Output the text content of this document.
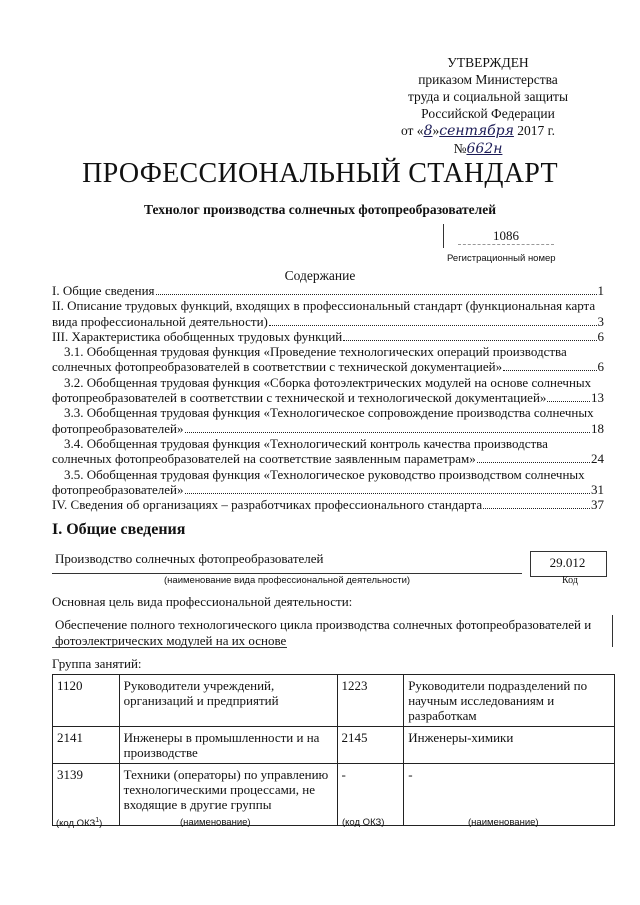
УТВЕРЖДЕН
приказом Министерства
труда и социальной защиты
Российской Федерации
от «8»сентября 2017 г. №662н
ПРОФЕССИОНАЛЬНЫЙ СТАНДАРТ
Технолог производства солнечных фотопреобразователей
1086
Регистрационный номер
Содержание
I. Общие сведения	1
II. Описание трудовых функций, входящих в профессиональный стандарт (функциональная карта
вида профессиональной деятельности)	3
III. Характеристика обобщенных трудовых функций	6
3.1. Обобщенная трудовая функция «Проведение технологических операций производства
солнечных фотопреобразователей в соответствии с технической документацией»	6
3.2. Обобщенная трудовая функция «Сборка фотоэлектрических модулей на основе солнечных
фотопреобразователей в соответствии с технической и технологической документацией»	13
3.3. Обобщенная трудовая функция «Технологическое сопровождение производства солнечных
фотопреобразователей»	18
3.4. Обобщенная трудовая функция «Технологический контроль качества производства
солнечных фотопреобразователей на соответствие заявленным параметрам»	24
3.5. Обобщенная трудовая функция «Технологическое руководство производством солнечных
фотопреобразователей»	31
IV. Сведения об организациях – разработчиках профессионального стандарта	37
I. Общие сведения
Производство солнечных фотопреобразователей	29.012
(наименование вида профессиональной деятельности)	Код
Основная цель вида профессиональной деятельности:
Обеспечение полного технологического цикла производства солнечных фотопреобразователей и фотоэлектрических модулей на их основе
Группа занятий:
1120	Руководители учреждений, организаций и предприятий	1223	Руководители подразделений по научным исследованиям и разработкам
2141	Инженеры в промышленности и на производстве	2145	Инженеры-химики
3139	Техники (операторы) по управлению технологическими процессами, не входящие в другие группы	-	-
(код ОКЗ$^1$)	(наименование)	(код ОКЗ)	(наименование)
